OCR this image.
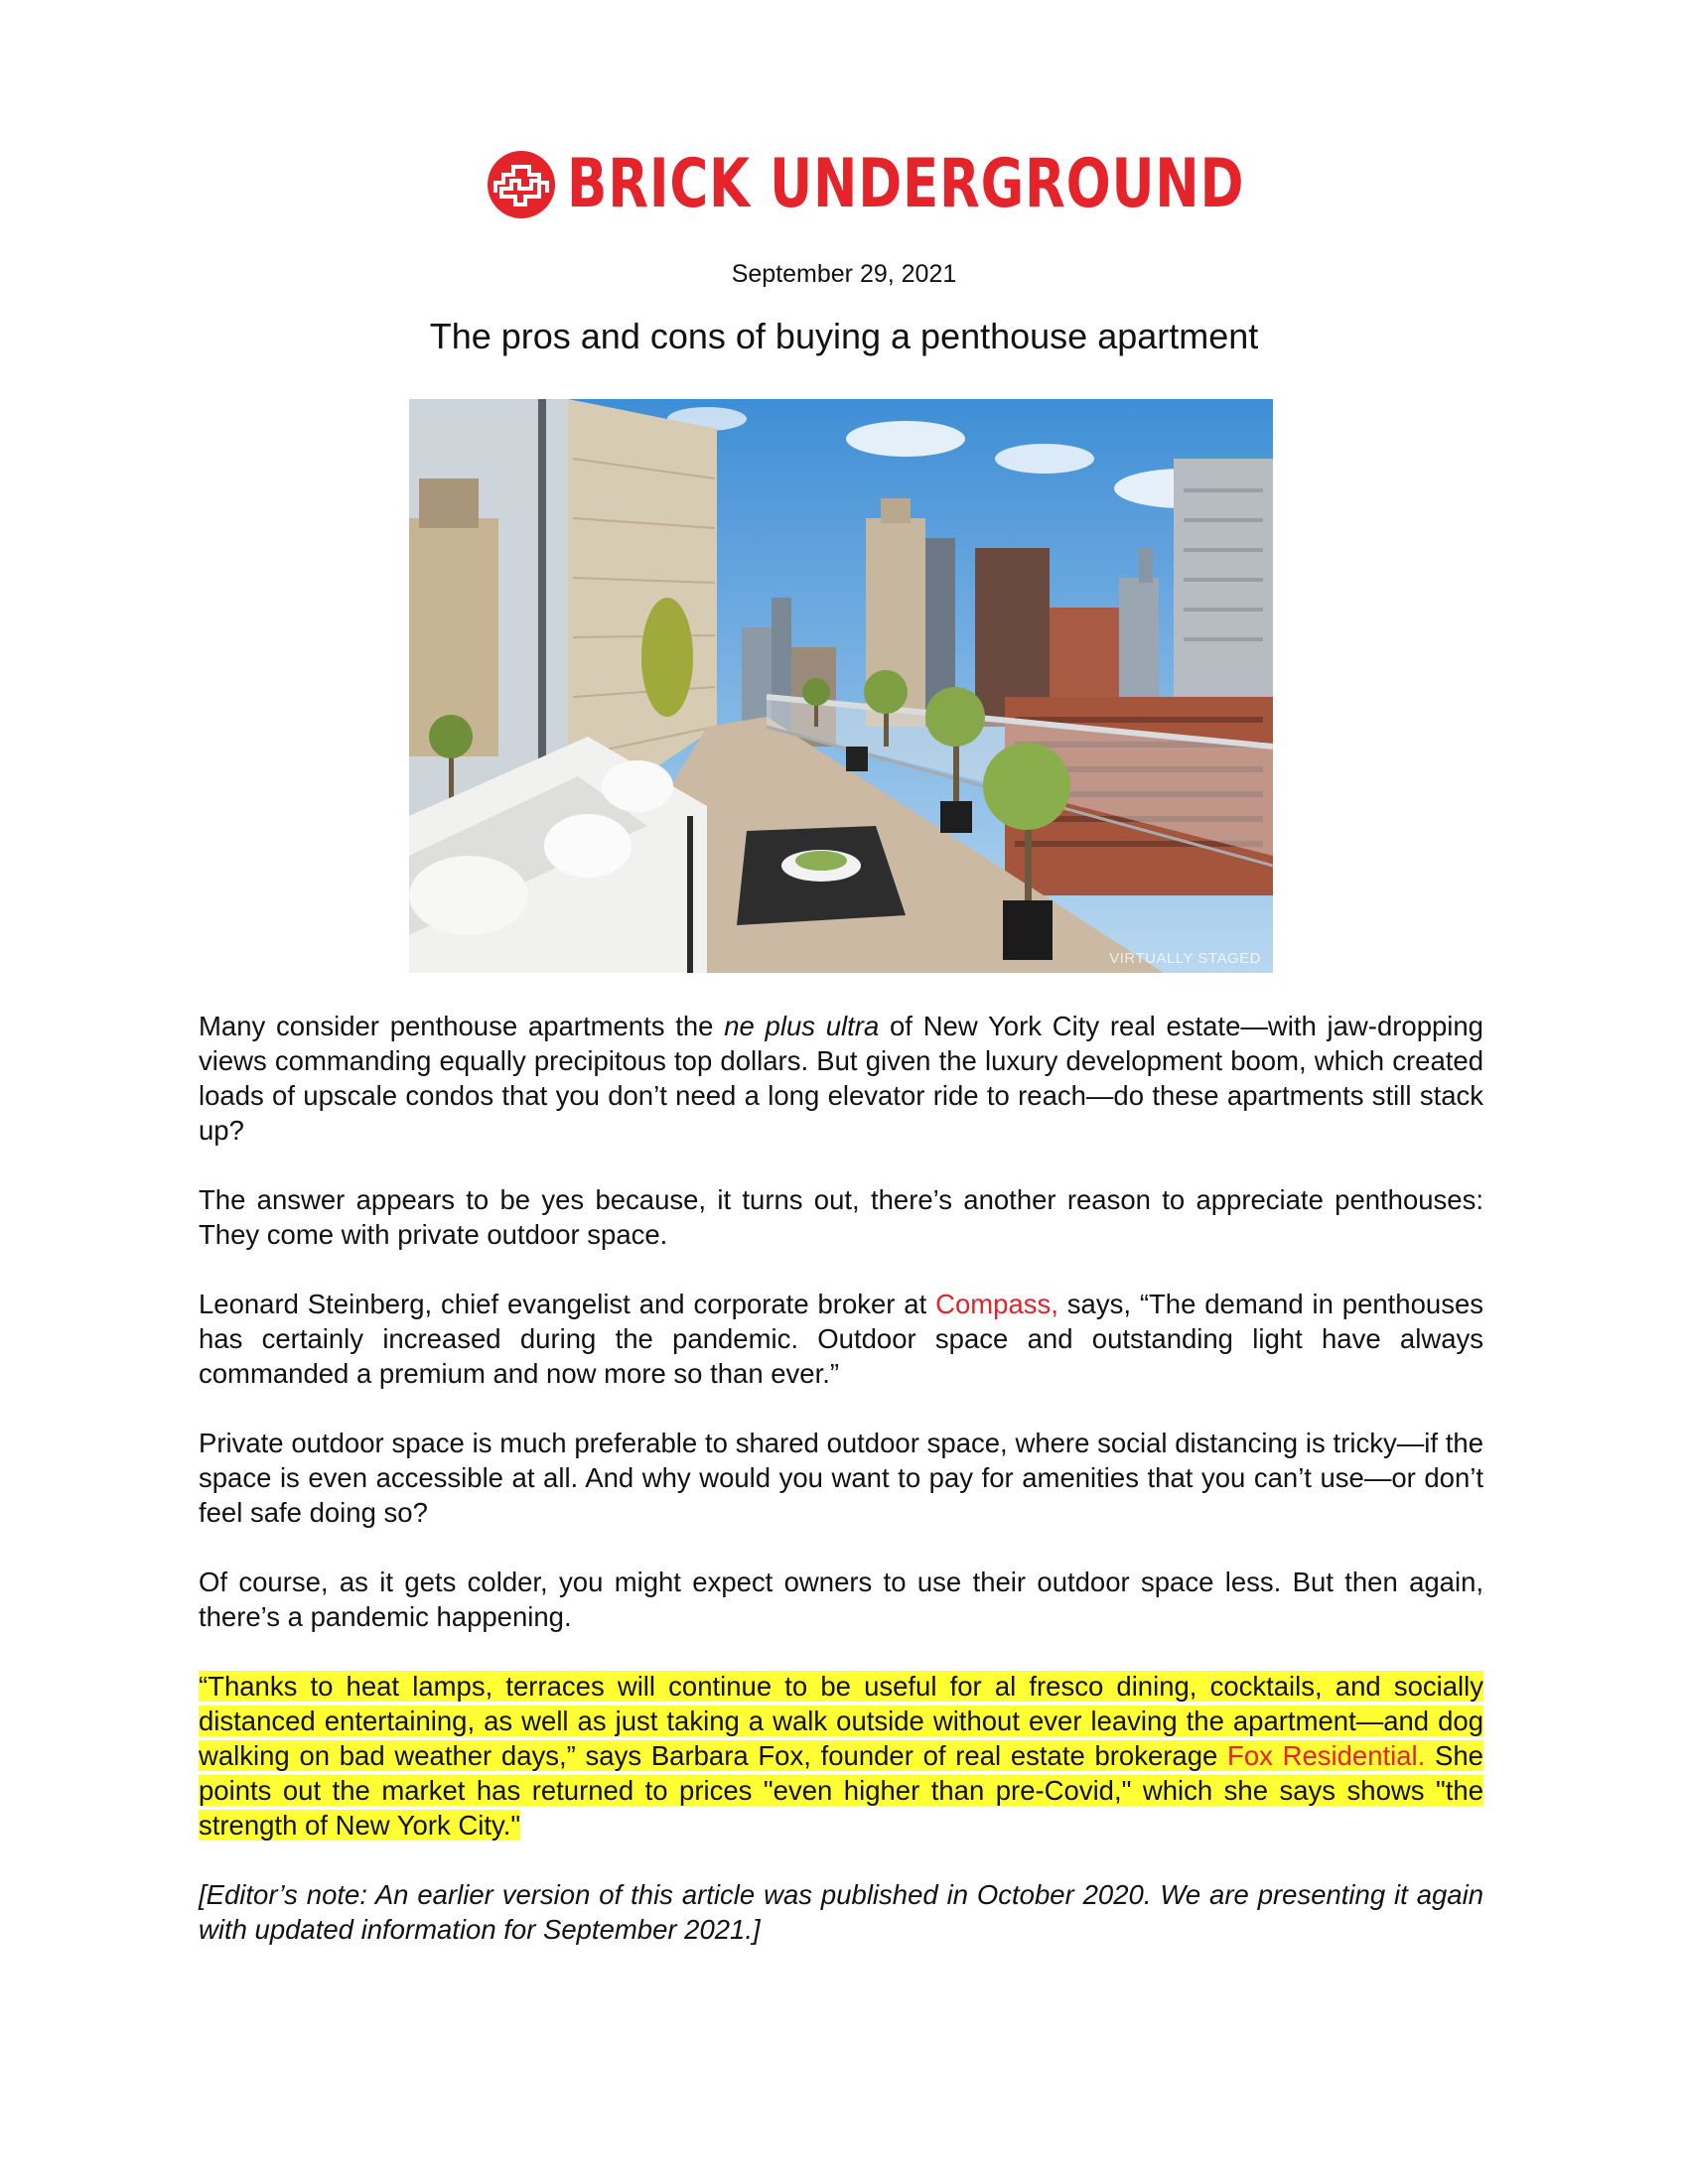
BRICK UNDERGROUND
September 29, 2021
The pros and cons of buying a penthouse apartment
VIRTUALLY STAGED

Many consider penthouse apartments the ne plus ultra of New York City real estate—with jaw-dropping views commanding equally precipitous top dollars. But given the luxury development boom, which created loads of upscale condos that you don’t need a long elevator ride to reach—do these apartments still stack up?

The answer appears to be yes because, it turns out, there’s another reason to appreciate penthouses: They come with private outdoor space.

Leonard Steinberg, chief evangelist and corporate broker at Compass, says, “The demand in penthouses has certainly increased during the pandemic. Outdoor space and outstanding light have always commanded a premium and now more so than ever.”

Private outdoor space is much preferable to shared outdoor space, where social distancing is tricky—if the space is even accessible at all. And why would you want to pay for amenities that you can’t use—or don’t feel safe doing so?

Of course, as it gets colder, you might expect owners to use their outdoor space less. But then again, there’s a pandemic happening.

“Thanks to heat lamps, terraces will continue to be useful for al fresco dining, cocktails, and socially distanced entertaining, as well as just taking a walk outside without ever leaving the apartment—and dog walking on bad weather days,” says Barbara Fox, founder of real estate brokerage Fox Residential. She points out the market has returned to prices "even higher than pre-Covid," which she says shows "the strength of New York City."

[Editor’s note: An earlier version of this article was published in October 2020. We are presenting it again with updated information for September 2021.]
